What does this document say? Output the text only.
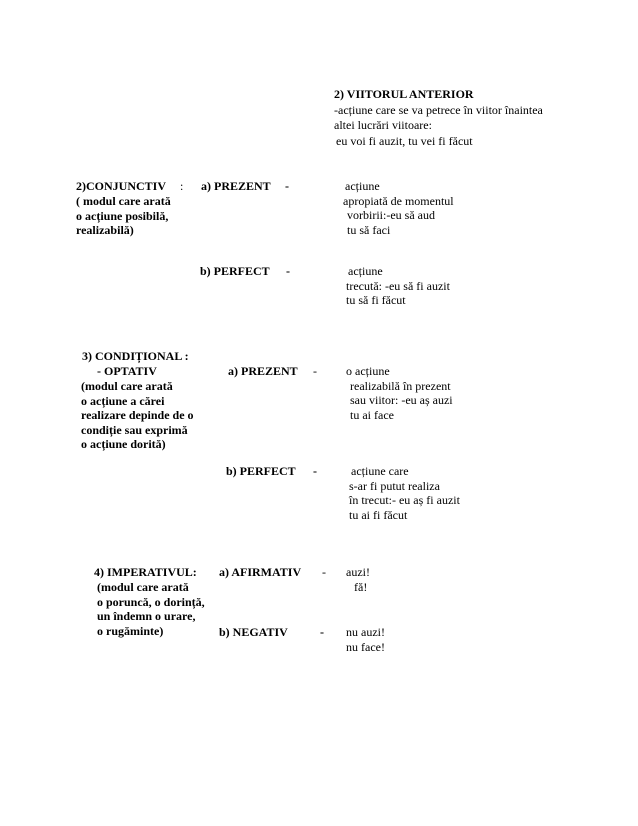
2) VIITORUL ANTERIOR
-acțiune care se va petrece în viitor înaintea
altei lucrări viitoare:
eu voi fi auzit, tu vei fi făcut
2)CONJUNCTIV :
( modul care arată
o acțiune posibilă,
realizabilă)
a) PREZENT -	acțiune
apropiată de momentul
vorbirii:-eu să aud
tu să faci
b) PERFECT -	acțiune
trecută: -eu să fi auzit
tu să fi făcut
3) CONDIȚIONAL :
- OPTATIV
(modul care arată
o acțiune a cărei
realizare depinde de o
condiție sau exprimă
o acțiune dorită)
a) PREZENT - o acțiune
realizabilă în prezent
sau viitor: -eu aș auzi
tu ai face
b) PERFECT -	acțiune care
s-ar fi putut realiza
în trecut:- eu aș fi auzit
tu ai fi făcut
4) IMPERATIVUL:
(modul care arată
o poruncă, o dorință,
un îndemn o urare,
o rugăminte)
a) AFIRMATIV - auzi!
fă!
b) NEGATIV	- nu auzi!
nu face!
